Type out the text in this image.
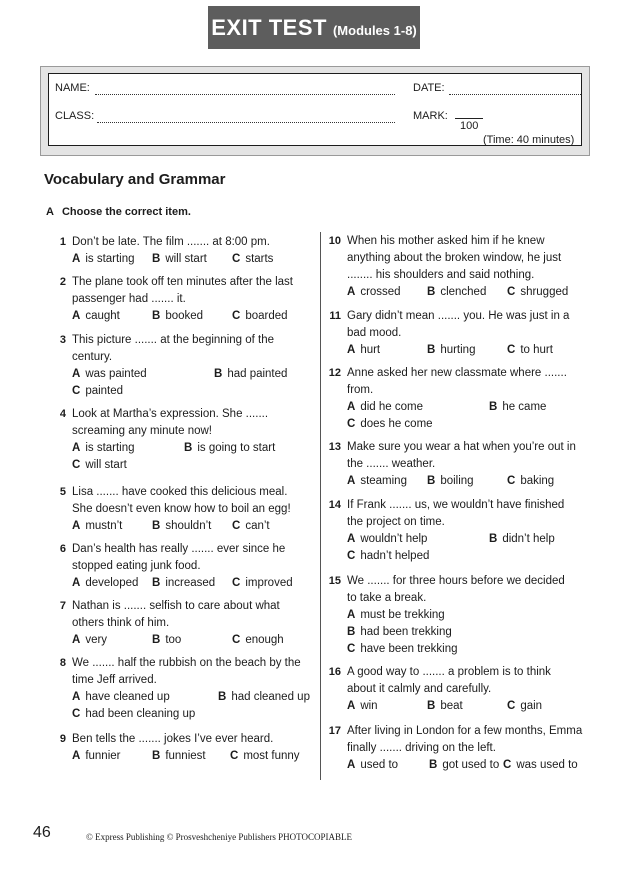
EXIT TEST (Modules 1-8)
NAME:
CLASS:
DATE:
MARK:
100
(Time: 40 minutes)
Vocabulary and Grammar
A Choose the correct item.
1 Don’t be late. The film ....... at 8:00 pm.
A is starting B will start C starts
2 The plane took off ten minutes after the last
passenger had ....... it.
A caught	B booked	C boarded
3 This picture ....... at the beginning of the
century.
A was painted	B had painted
C painted
4 Look at Martha’s expression. She .......
screaming any minute now!
A is starting	B is going to start
C will start
5 Lisa ....... have cooked this delicious meal.
She doesn’t even know how to boil an egg!
A mustn’t	B shouldn’t C can’t
6 Dan’s health has really ....... ever since he
stopped eating junk food.
A developed B increased C improved
7 Nathan is ....... selfish to care about what
others think of him.
A very	B too	C enough
8 We ....... half the rubbish on the beach by the
time Jeff arrived.
A have cleaned up	B had cleaned up
C had been cleaning up
9 Ben tells the ....... jokes I’ve ever heard.
A funnier	B funniest C most funny
10 When his mother asked him if he knew
anything about the broken window, he just
........ his shoulders and said nothing.
A crossed B clenched C shrugged
11 Gary didn’t mean ....... you. He was just in a
bad mood.
A hurt	B hurting	C to hurt
12 Anne asked her new classmate where .......
from.
A did he come	B he came
C does he come
13 Make sure you wear a hat when you’re out in
the ....... weather.
A steaming B boiling	C baking
14 If Frank ....... us, we wouldn’t have finished
the project on time.
A wouldn’t help	B didn’t help
C hadn’t helped
15 We ....... for three hours before we decided
to take a break.
A must be trekking
B had been trekking
C have been trekking
16 A good way to ....... a problem is to think
about it calmly and carefully.
A win	B beat	C gain
17 After living in London for a few months, Emma
finally ....... driving on the left.
A used to	B got used to C was used to
46	© Express Publishing © Prosveshcheniye Publishers PHOTOCOPIABLE
